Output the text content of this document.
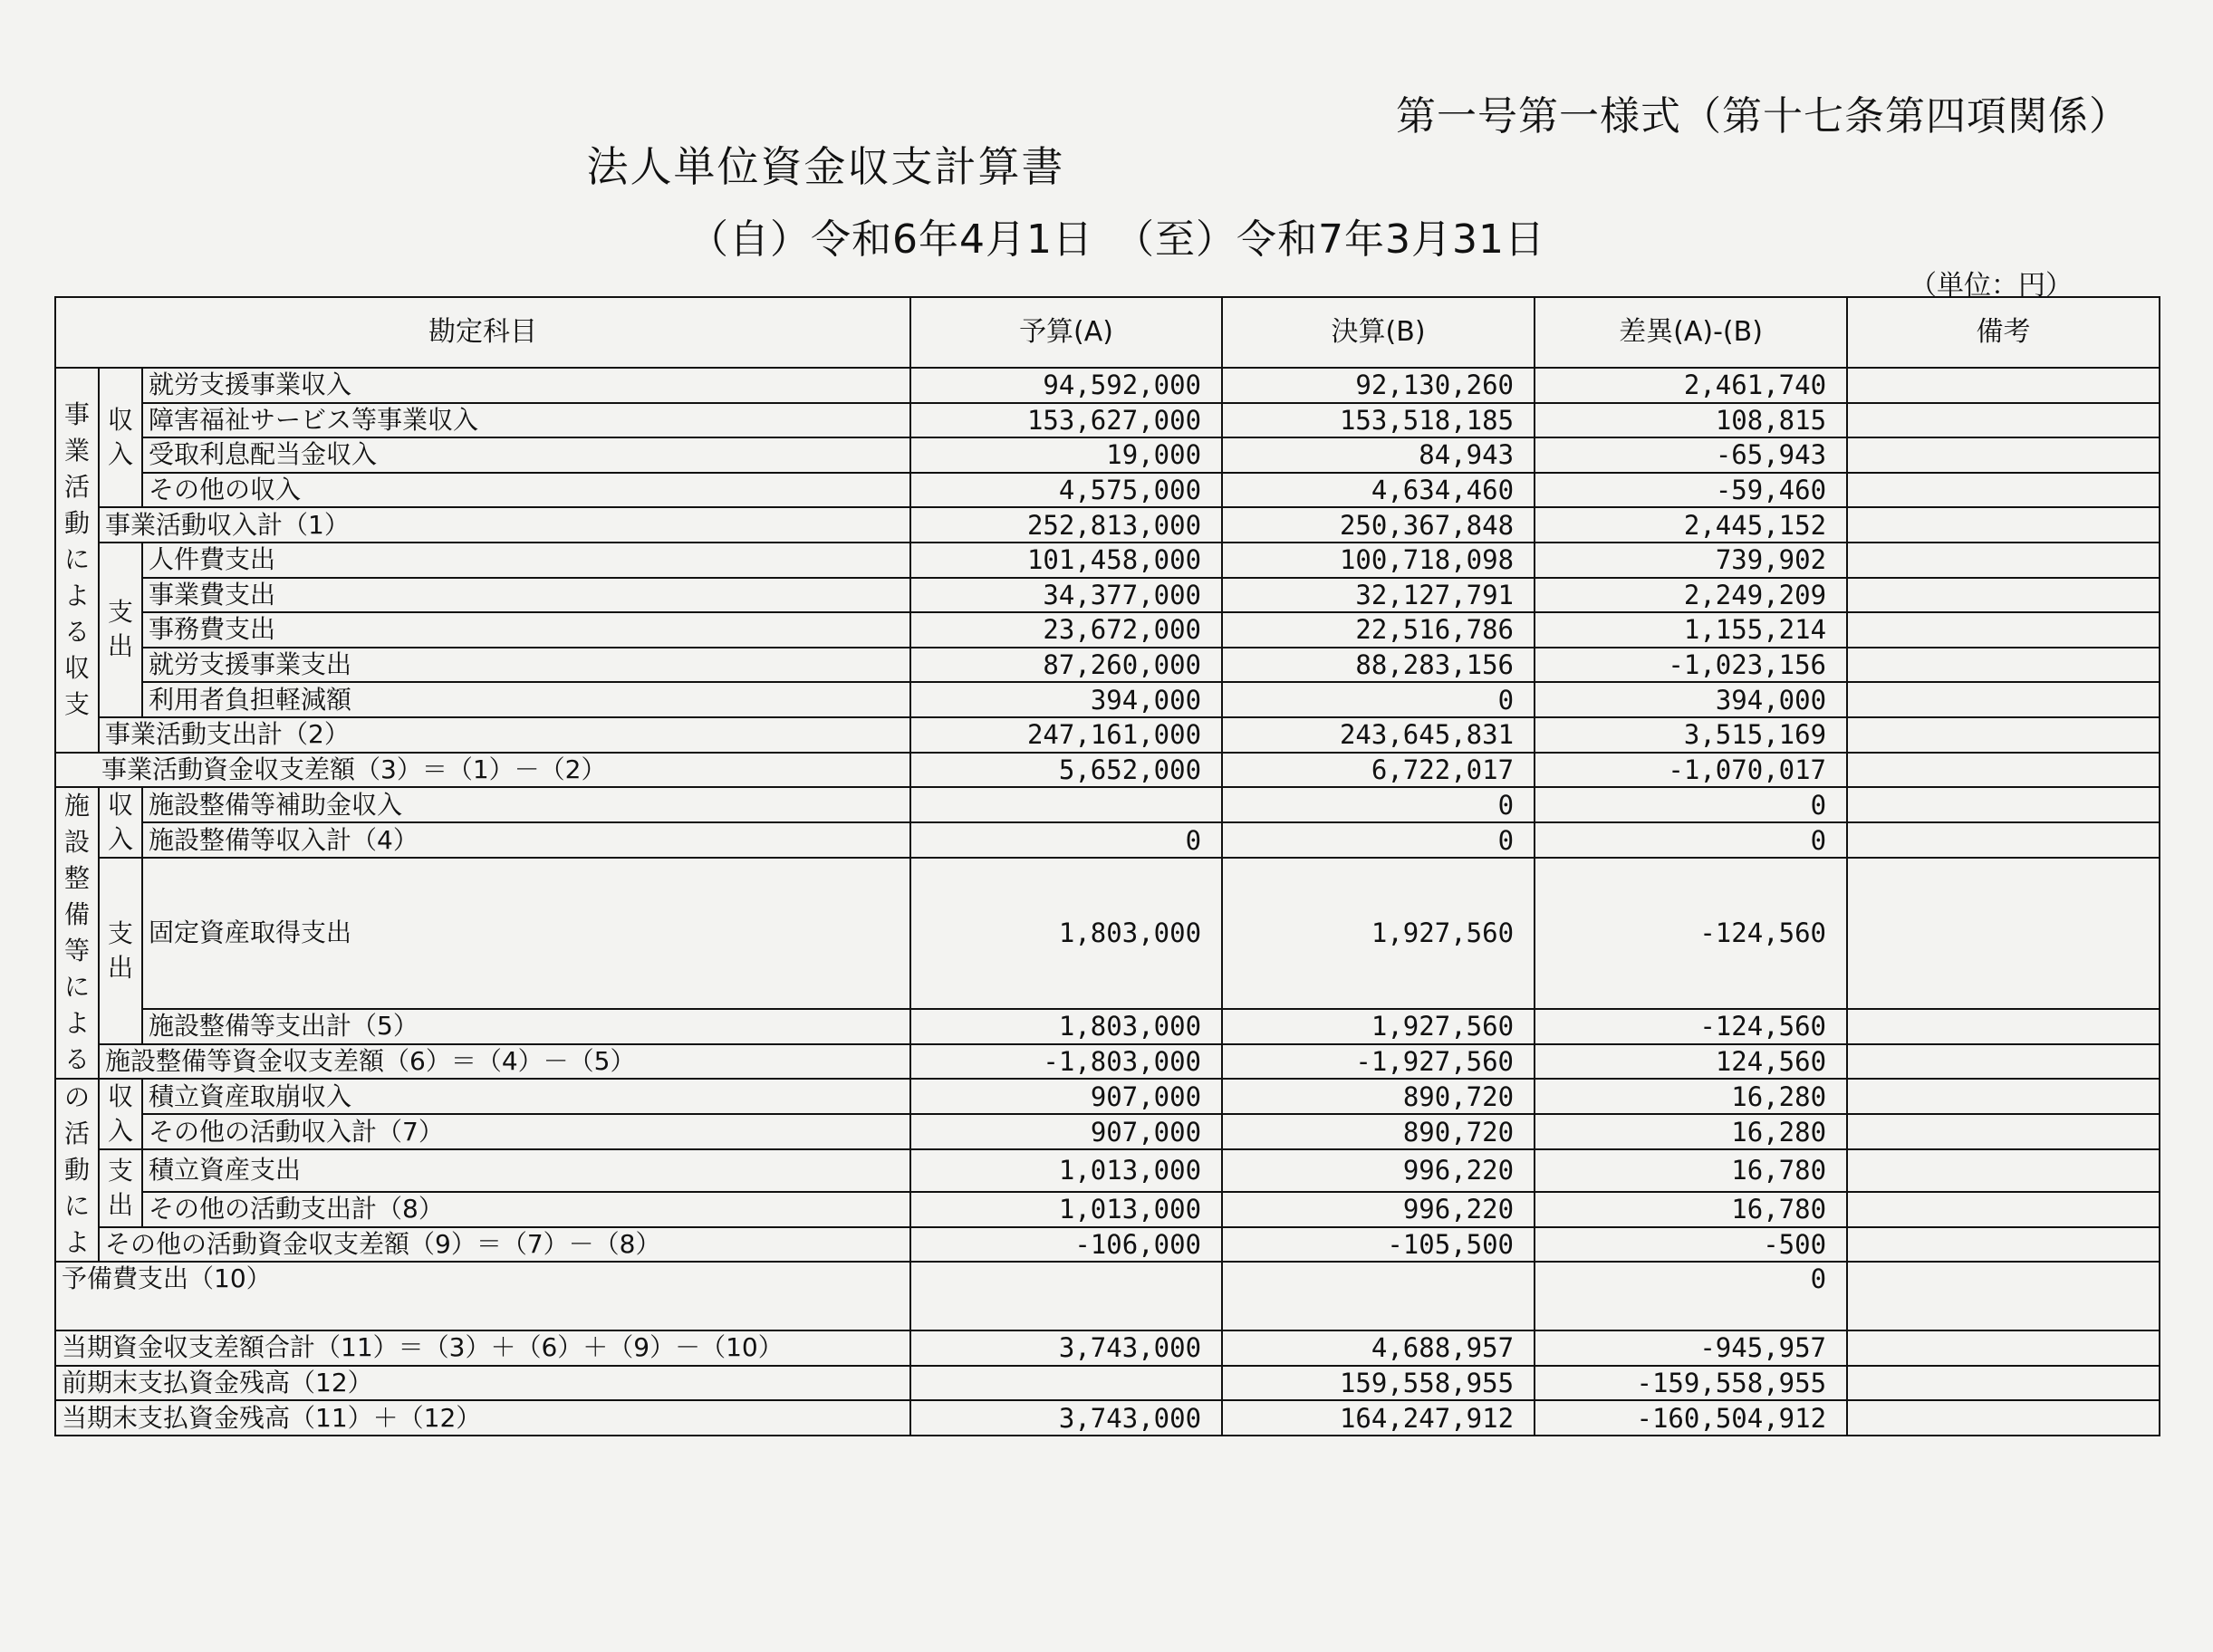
第一号第一様式（第十七条第四項関係）
法人単位資金収支計算書
（自）令和6年4月1日　（至）令和7年3月31日
（単位：円）
勘定科目			予算(A)	決算(B)	差異(A)-(B)	備考
事業活動による収支	収入	就労支援事業収入	94,592,000	92,130,260	2,461,740	
		障害福祉サービス等事業収入	153,627,000	153,518,185	108,815	
		受取利息配当金収入	19,000	84,943	-65,943	
		その他の収入	4,575,000	4,634,460	-59,460	
	事業活動収入計（1）		252,813,000	250,367,848	2,445,152	
	支出	人件費支出	101,458,000	100,718,098	739,902	
		事業費支出	34,377,000	32,127,791	2,249,209	
		事務費支出	23,672,000	22,516,786	1,155,214	
		就労支援事業支出	87,260,000	88,283,156	-1,023,156	
		利用者負担軽減額	394,000	0	394,000	
	事業活動支出計（2）		247,161,000	243,645,831	3,515,169	
事業活動資金収支差額（3）＝（1）－（2）			5,652,000	6,722,017	-1,070,017	
施設整備等による	収入	施設整備等補助金収入		0	0	
		施設整備等収入計（4）	0	0	0	
	支出	固定資産取得支出	1,803,000	1,927,560	-124,560	
		施設整備等支出計（5）	1,803,000	1,927,560	-124,560	
	施設整備等資金収支差額（6）＝（4）－（5）		-1,803,000	-1,927,560	124,560	
の活動によ	収入	積立資産取崩収入	907,000	890,720	16,280	
		その他の活動収入計（7）	907,000	890,720	16,280	
	支出	積立資産支出	1,013,000	996,220	16,780	
		その他の活動支出計（8）	1,013,000	996,220	16,780	
	その他の活動資金収支差額（9）＝（7）－（8）		-106,000	-105,500	-500	
予備費支出（10）					0	
当期資金収支差額合計（11）＝（3）＋（6）＋（9）－（10）			3,743,000	4,688,957	-945,957	
前期末支払資金残高（12）				159,558,955	-159,558,955	
当期末支払資金残高（11）＋（12）			3,743,000	164,247,912	-160,504,912	
